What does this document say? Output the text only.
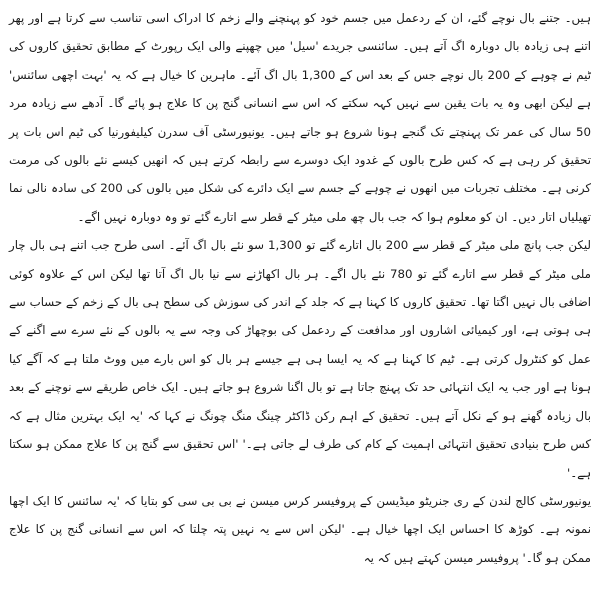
ہیں۔ جتنے بال نوچے گئے، ان کے ردعمل میں جسم خود کو پہنچنے والے زخم کا ادراک اسی تناسب سے کرتا ہے اور پھر اتنے ہی زیادہ بال دوبارہ اگ آتے ہیں۔ سائنسی جریدے 'سیل' میں چھپنے والی ایک رپورٹ کے مطابق تحقیق کاروں کی ٹیم نے چوہے کے 200 بال نوچے جس کے بعد اس کے 1,300 بال اگ آئے۔ ماہرین کا خیال ہے کہ یہ 'بہت اچھی سائنس' ہے لیکن ابھی وہ یہ بات یقین سے نہیں کہہ سکتے کہ اس سے انسانی گنج پن کا علاج ہو پائے گا۔ آدھے سے زیادہ مرد 50 سال کی عمر تک پہنچتے تک گنجے ہونا شروع ہو جاتے ہیں۔ یونیورسٹی آف سدرن کیلیفورنیا کی ٹیم اس بات پر تحقیق کر رہی ہے کہ کس طرح بالوں کے غدود ایک دوسرے سے رابطہ کرتے ہیں کہ انھیں کیسے نئے بالوں کی مرمت کرنی ہے۔ مختلف تجربات میں انھوں نے چوہے کے جسم سے ایک دائرے کی شکل میں بالوں کی 200 کی سادہ نالی نما تھیلیاں اتار دیں۔ ان کو معلوم ہوا کہ جب بال چھ ملی میٹر کے قطر سے اتارے گئے تو وہ دوبارہ نہیں اگے۔

لیکن جب پانچ ملی میٹر کے قطر سے 200 بال اتارے گئے تو 1,300 سو نئے بال اگ آئے۔ اسی طرح جب اتنے ہی بال چار ملی میٹر کے قطر سے اتارے گئے تو 780 نئے بال اگے۔ ہر بال اکھاڑنے سے نیا بال اگ آتا تھا لیکن اس کے علاوہ کوئی اضافی بال نہیں اگتا تھا۔ تحقیق کاروں کا کہنا ہے کہ جلد کے اندر کی سوزش کی سطح ہی بال کے زخم کے حساب سے ہی ہوتی ہے، اور کیمیائی اشاروں اور مدافعت کے ردعمل کی بوچھاڑ کی وجہ سے یہ بالوں کے نئے سرے سے اگنے کے عمل کو کنٹرول کرتی ہے۔ ٹیم کا کہنا ہے کہ یہ ایسا ہی ہے جیسے ہر بال کو اس بارے میں ووٹ ملتا ہے کہ آگے کیا ہونا ہے اور جب یہ ایک انتہائی حد تک پہنچ جاتا ہے تو بال اگنا شروع ہو جاتے ہیں۔ ایک خاص طریقے سے نوچنے کے بعد بال زیادہ گھنے ہو کے نکل آتے ہیں۔ تحقیق کے اہم رکن ڈاکٹر چینگ منگ چونگ نے کہا کہ 'یہ ایک بہترین مثال ہے کہ کس طرح بنیادی تحقیق انتہائی اہمیت کے کام کی طرف لے جاتی ہے۔' 'اس تحقیق سے گنج پن کا علاج ممکن ہو سکتا ہے۔'

یونیورسٹی کالج لندن کے ری جنریٹو میڈیسن کے پروفیسر کرس میسن نے بی بی سی کو بتایا کہ 'یہ سائنس کا ایک اچھا نمونہ ہے۔ کوڑھ کا احساس ایک اچھا خیال ہے۔ 'لیکن اس سے یہ نہیں پتہ چلتا کہ اس سے انسانی گنج پن کا علاج ممکن ہو گا۔' پروفیسر میسن کہتے ہیں کہ یہ
